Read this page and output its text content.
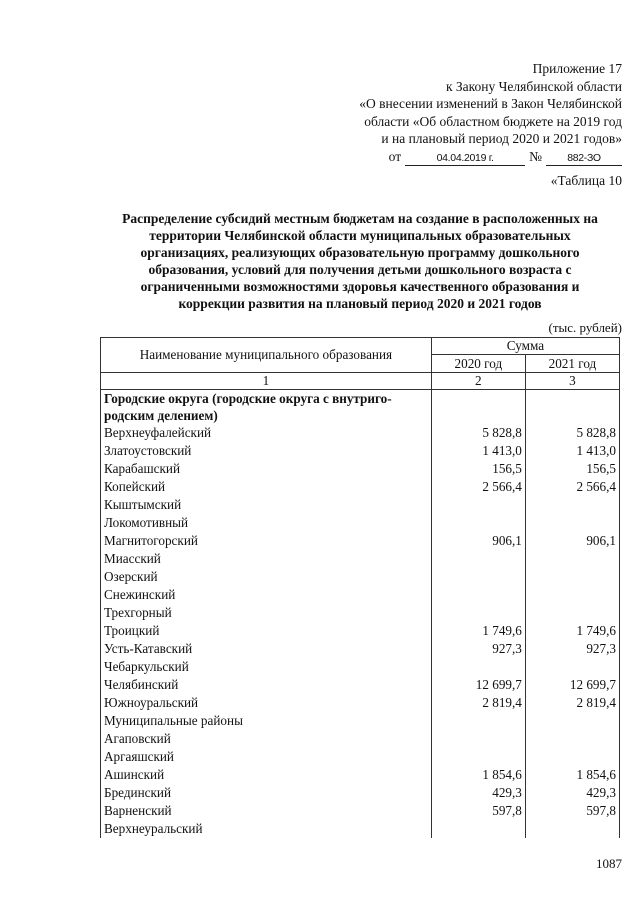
Приложение 17
к Закону Челябинской области
«О внесении изменений в Закон Челябинской
области «Об областном бюджете на 2019 год
и на плановый период 2020 и 2021 годов»
от	04.04.2019 г.	№	882-ЗО
«Таблица 10
Распределение субсидий местным бюджетам на создание в расположенных на
территории Челябинской области муниципальных образовательных
организациях, реализующих образовательную программу дошкольного
образования, условий для получения детьми дошкольного возраста с
ограниченными возможностями здоровья качественного образования и
коррекции развития на плановый период 2020 и 2021 годов
(тыс. рублей)
Наименование муниципального образования	Сумма	
	2020 год	2021 год
1	2	3
Городские округа (городские округа с внутриго-
родским делением)		
Верхнеуфалейский	5 828,8	5 828,8
Златоустовский	1 413,0	1 413,0
Карабашский	156,5	156,5
Копейский	2 566,4	2 566,4
Кыштымский		
Локомотивный		
Магнитогорский	906,1	906,1
Миасский		
Озерский		
Снежинский		
Трехгорный		
Троицкий	1 749,6	1 749,6
Усть-Катавский	927,3	927,3
Чебаркульский		
Челябинский	12 699,7	12 699,7
Южноуральский	2 819,4	2 819,4
Муниципальные районы		
Агаповский		
Аргаяшский		
Ашинский	1 854,6	1 854,6
Брединский	429,3	429,3
Варненский	597,8	597,8
Верхнеуральский		
1087
